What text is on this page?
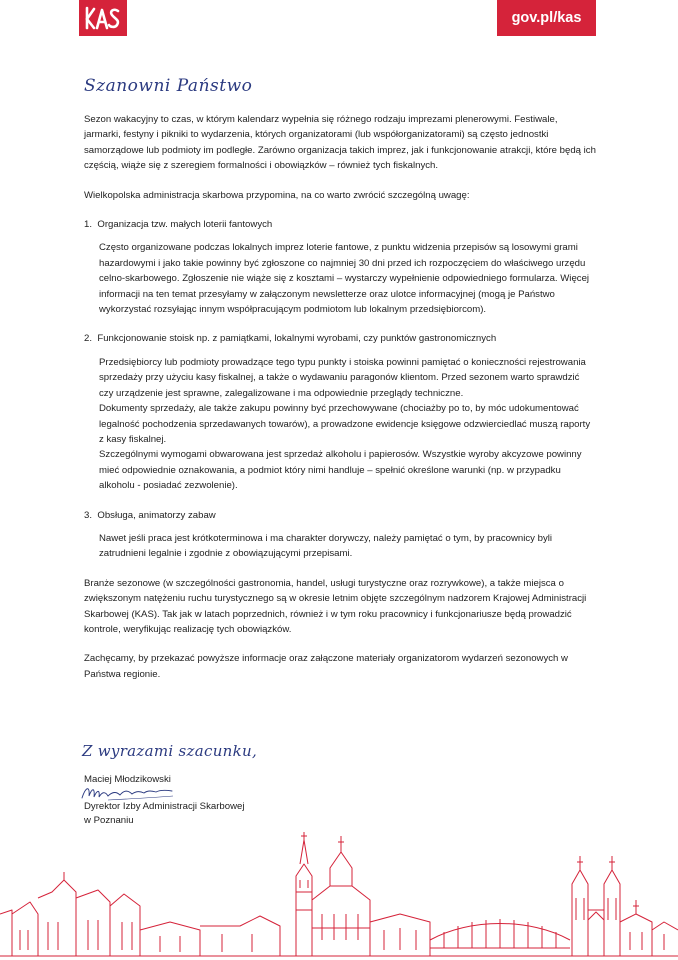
gov.pl/kas
Szanowni Państwo

Sezon wakacyjny to czas, w którym kalendarz wypełnia się różnego rodzaju imprezami plenerowymi. Festiwale, jarmarki, festyny i pikniki to wydarzenia, których organizatorami (lub współorganizatorami) są często jednostki samorządowe lub podmioty im podległe. Zarówno organizacja takich imprez, jak i funkcjonowanie atrakcji, które będą ich częścią, wiąże się z szeregiem formalności i obowiązków – również tych fiskalnych.

Wielkopolska administracja skarbowa przypomina, na co warto zwrócić szczególną uwagę:

1. Organizacja tzw. małych loterii fantowych
Często organizowane podczas lokalnych imprez loterie fantowe, z punktu widzenia przepisów są losowymi grami hazardowymi i jako takie powinny być zgłoszone co najmniej 30 dni przed ich rozpoczęciem do właściwego urzędu celno-skarbowego. Zgłoszenie nie wiąże się z kosztami – wystarczy wypełnienie odpowiedniego formularza. Więcej informacji na ten temat przesyłamy w załączonym newsletterze oraz ulotce informacyjnej (mogą je Państwo wykorzystać rozsyłając innym współpracującym podmiotom lub lokalnym przedsiębiorcom).
2. Funkcjonowanie stoisk np. z pamiątkami, lokalnymi wyrobami, czy punktów gastronomicznych
Przedsiębiorcy lub podmioty prowadzące tego typu punkty i stoiska powinni pamiętać o konieczności rejestrowania sprzedaży przy użyciu kasy fiskalnej, a także o wydawaniu paragonów klientom. Przed sezonem warto sprawdzić czy urządzenie jest sprawne, zalegalizowane i ma odpowiednie przeglądy techniczne.
Dokumenty sprzedaży, ale także zakupu powinny być przechowywane (chociażby po to, by móc udokumentować legalność pochodzenia sprzedawanych towarów), a prowadzone ewidencje księgowe odzwierciedlać muszą raporty z kasy fiskalnej.
Szczególnymi wymogami obwarowana jest sprzedaż alkoholu i papierosów. Wszystkie wyroby akcyzowe powinny mieć odpowiednie oznakowania, a podmiot który nimi handluje – spełnić określone warunki (np. w przypadku alkoholu - posiadać zezwolenie).
3. Obsługa, animatorzy zabaw
Nawet jeśli praca jest krótkoterminowa i ma charakter dorywczy, należy pamiętać o tym, by pracownicy byli zatrudnieni legalnie i zgodnie z obowiązującymi przepisami.

Branże sezonowe (w szczególności gastronomia, handel, usługi turystyczne oraz rozrywkowe), a także miejsca o zwiększonym natężeniu ruchu turystycznego są w okresie letnim objęte szczególnym nadzorem Krajowej Administracji Skarbowej (KAS). Tak jak w latach poprzednich, również i w tym roku pracownicy i funkcjonariusze będą prowadzić kontrole, weryfikując realizację tych obowiązków.

Zachęcamy, by przekazać powyższe informacje oraz załączone materiały organizatorom wydarzeń sezonowych w Państwa regionie.

Z wyrazami szacunku,
Maciej Młodzikowski
Dyrektor Izby Administracji Skarbowej
w Poznaniu
